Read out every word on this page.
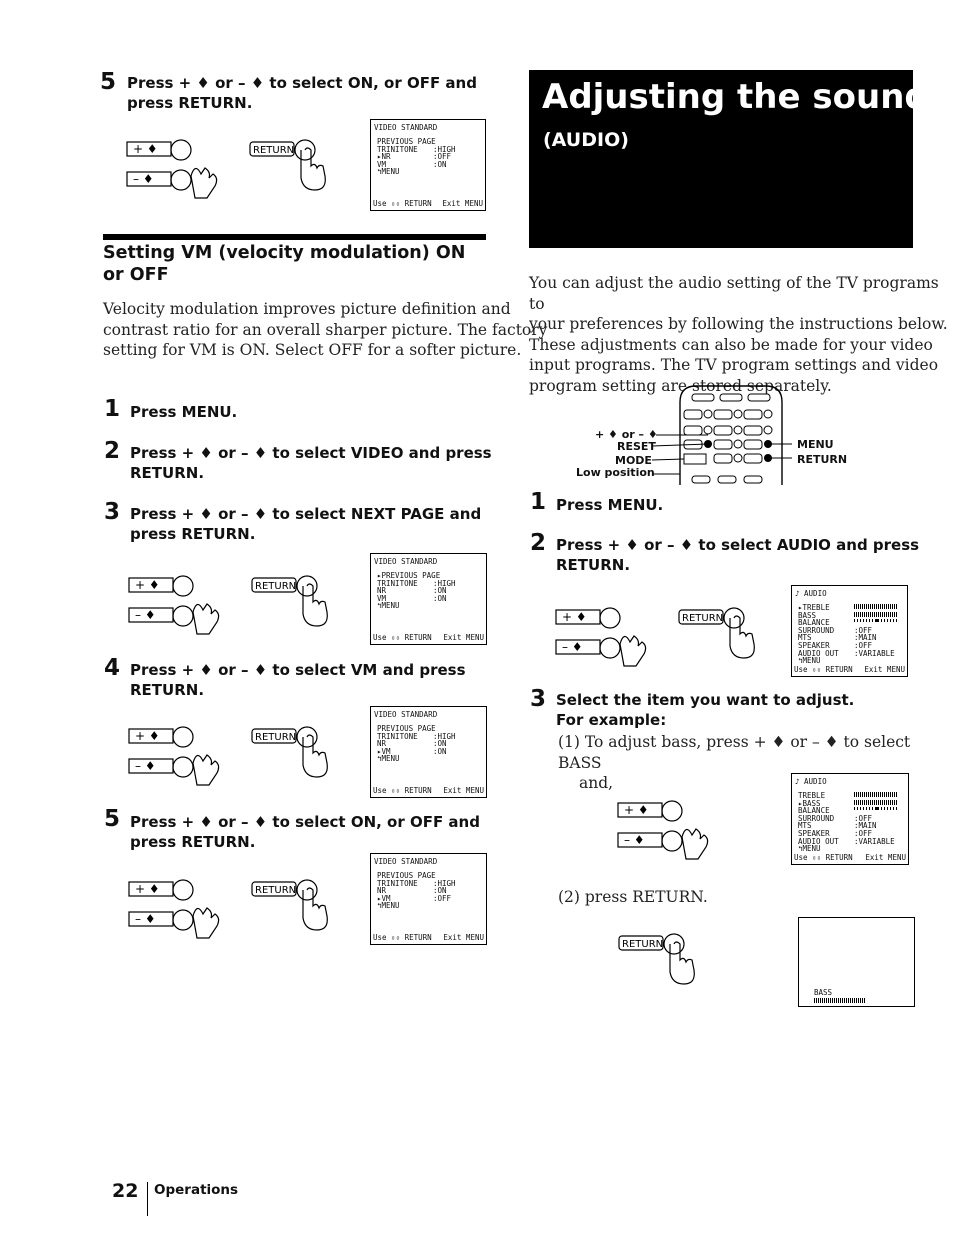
5 Press + ♦ or – ♦ to select ON, or OFF and
press RETURN.
+ ♦
– ♦
RETURN
VIDEO STANDARD
PREVIOUS PAGE
TRINITONE	:HIGH
▸NR	:OFF
VM	:ON
↰MENU
Use ⇳⇳ RETURN Exit MENU
Setting VM (velocity modulation) ON
or OFF
Velocity modulation improves picture definition and
contrast ratio for an overall sharper picture. The factory
setting for VM is ON. Select OFF for a softer picture.
1 Press MENU.
2 Press + ♦ or – ♦ to select VIDEO and press
RETURN.
3 Press + ♦ or – ♦ to select NEXT PAGE and
press RETURN.
+ ♦
– ♦
RETURN
VIDEO STANDARD
▸PREVIOUS PAGE
TRINITONE	:HIGH
NR	:ON
VM	:ON
↰MENU
Use ⇳⇳ RETURN Exit MENU
4 Press + ♦ or – ♦ to select VM and press
RETURN.
+ ♦
– ♦
RETURN
VIDEO STANDARD
PREVIOUS PAGE
TRINITONE	:HIGH
NR	:ON
▸VM	:ON
↰MENU
Use ⇳⇳ RETURN Exit MENU
5 Press + ♦ or – ♦ to select ON, or OFF and
press RETURN.
+ ♦
– ♦
RETURN
VIDEO STANDARD
PREVIOUS PAGE
TRINITONE	:HIGH
NR	:ON
▸VM	:OFF
↰MENU
Use ⇳⇳ RETURN Exit MENU
Adjusting the sound
(AUDIO)
You can adjust the audio setting of the TV programs to
your preferences by following the instructions below.
These adjustments can also be made for your video
input programs. The TV program settings and video
program setting are stored separately.
+ ♦ or – ♦
RESET
MODE
Low position
MENU
RETURN
1 Press MENU.
2 Press + ♦ or – ♦ to select AUDIO and press
RETURN.
+ ♦
– ♦
RETURN
♪ AUDIO
▸TREBLE
BASS
BALANCE
SURROUND	:OFF
MTS	:MAIN
SPEAKER	:OFF
AUDIO OUT	:VARIABLE
↰MENU
Use ⇳⇳ RETURN Exit MENU
3 Select the item you want to adjust.
For example:
(1) To adjust bass, press + ♦ or – ♦ to select BASS
and,
+ ♦
– ♦
♪ AUDIO
TREBLE
▸BASS
BALANCE
SURROUND	:OFF
MTS	:MAIN
SPEAKER	:OFF
AUDIO OUT	:VARIABLE
↰MENU
Use ⇳⇳ RETURN Exit MENU
(2) press RETURN.
RETURN
BASS
22 Operations
